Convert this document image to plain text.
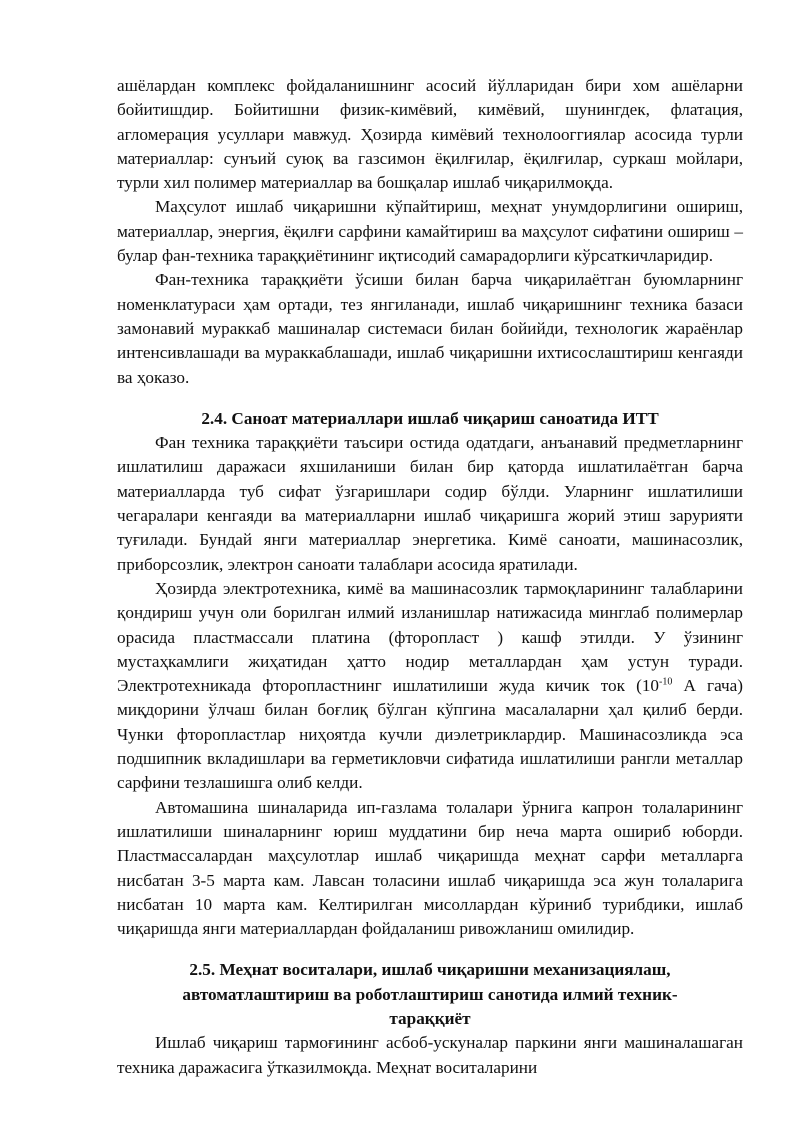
ашёлардан комплекс фойдаланишнинг асосий йўлларидан бири хом ашёларни бойитишдир. Бойитишни физик-кимёвий, кимёвий, шунингдек, флатация, агломерация усуллари мавжуд. Ҳозирда кимёвий технолоoггиялар асосида турли материаллар: сунъий суюқ ва газсимон ёқилғилар, ёқилғилар, суркаш мойлари, турли хил полимер материаллар ва бошқалар ишлаб чиқарилмоқда.

Маҳсулот ишлаб чиқаришни кўпайтириш, меҳнат унумдорлигини ошириш, материаллар, энергия, ёқилғи сарфини камайтириш ва маҳсулот сифатини ошириш – булар фан-техника тараққиётининг иқтисодий самарадорлиги кўрсаткичларидир.

Фан-техника тараққиёти ўсиши билан барча чиқарилаётган буюмларнинг номенклатураси ҳам ортади, тез янгиланади, ишлаб чиқаришнинг техника базаси замонавий мураккаб машиналар системаси билан бойийди, технологик жараёнлар интенсивлашади ва мураккаблашади, ишлаб чиқаришни ихтисослаштириш кенгаяди ва ҳоказо.

2.4. Саноат материаллари ишлаб чиқариш саноатида ИТТ

Фан техника тараққиёти таъсири остида одатдаги, анъанавий предметларнинг ишлатилиш даражаси яхшиланиши билан бир қаторда ишлатилаётган барча материалларда туб сифат ўзгаришлари содир бўлди. Уларнинг ишлатилиши чегаралари кенгаяди ва материалларни ишлаб чиқаришга жорий этиш зарурияти туғилади. Бундай янги материаллар энергетика. Кимё саноати, машинасозлик, приборсозлик, электрон саноати талаблари асосида яратилади.

Ҳозирда электротехника, кимё ва машинасозлик тармоқларининг талабларини қондириш учун оли борилган илмий изланишлар натижасида минглаб полимерлар орасида пластмассали платина (фторопласт ) кашф этилди. У ўзининг мустаҳкамлиги жиҳатидан ҳатто нодир металлардан ҳам устун туради. Электротехникада фторопластнинг ишлатилиши жуда кичик ток ($10^{-10}$ А гача) миқдорини ўлчаш билан боғлиқ бўлган кўпгина масалаларни ҳал қилиб берди. Чунки фторопластлар ниҳоятда кучли диэлетриклардир. Машинасозликда эса подшипник вкладишлари ва герметикловчи сифатида ишлатилиши рангли металлар сарфини тезлашишга олиб келди.

Автомашина шиналарида ип-газлама толалари ўрнига капрон толаларининг ишлатилиши шиналарнинг юриш муддатини бир неча марта ошириб юборди. Пластмассалардан маҳсулотлар ишлаб чиқаришда меҳнат сарфи металларга нисбатан 3-5 марта кам. Лавсан толасини ишлаб чиқаришда эса жун толаларига нисбатан 10 марта кам. Келтирилган мисоллардан кўриниб турибдики, ишлаб чиқаришда янги материаллардан фойдаланиш ривожланиш омилидир.

2.5. Меҳнат воситалари, ишлаб чиқаришни механизациялаш,
автоматлаштириш ва роботлаштириш санотида илмий техник-
тараққиёт

Ишлаб чиқариш тармоғининг асбоб-ускуналар паркини янги машиналашаган техника даражасига ўтказилмоқда. Меҳнат воситаларини
